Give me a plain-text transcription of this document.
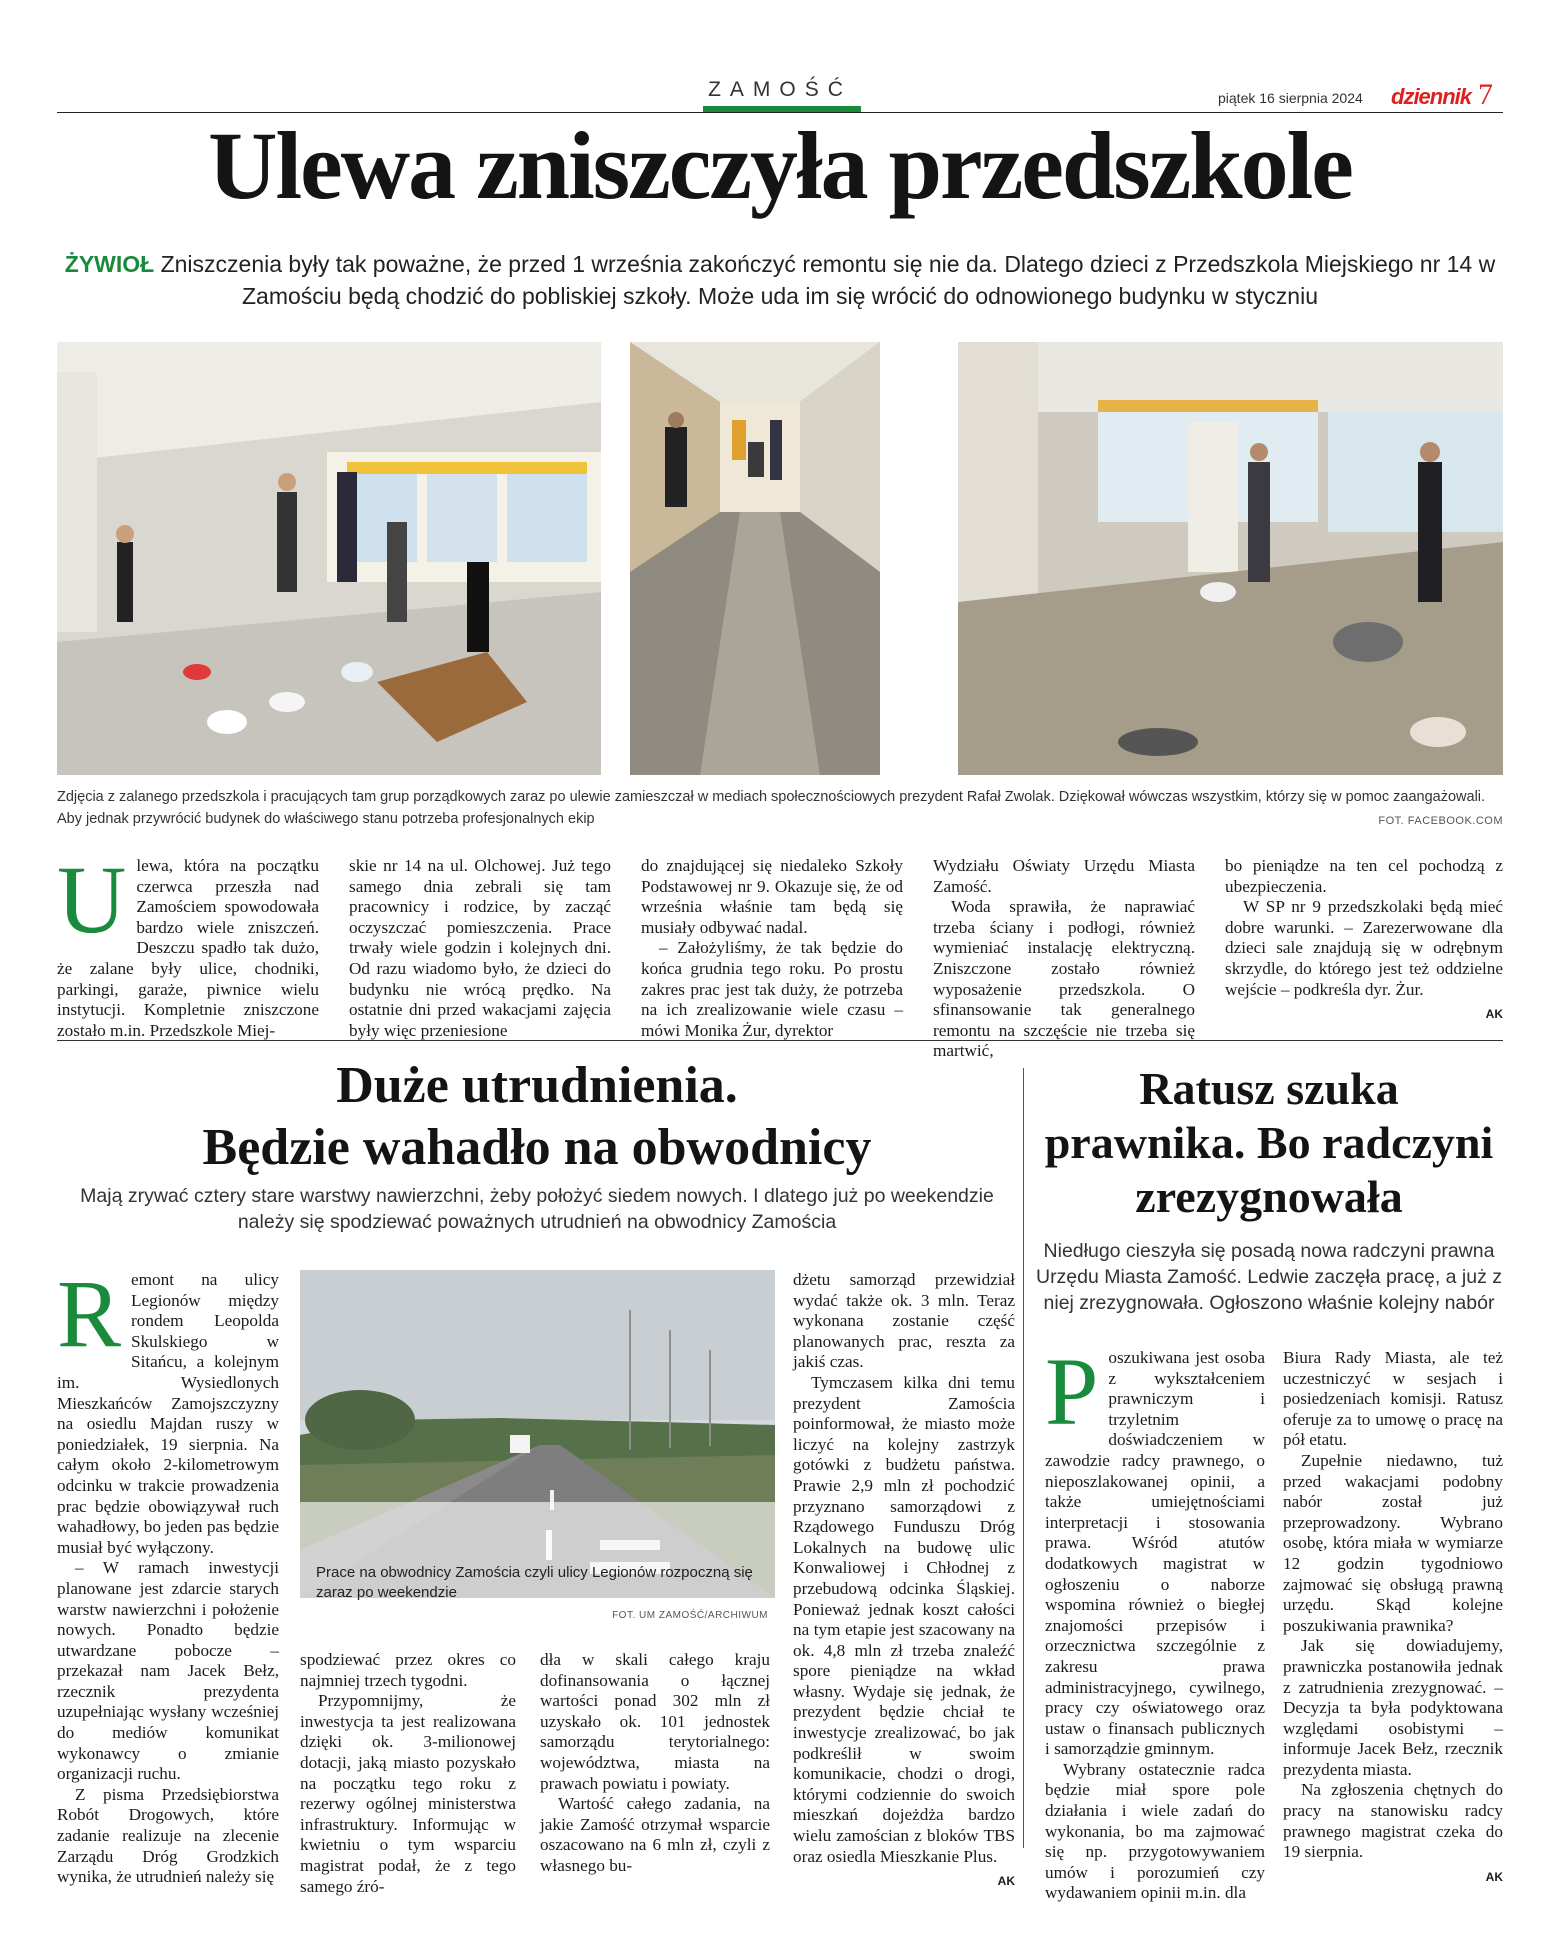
ZAMOŚĆ	piątek 16 sierpnia 2024 dziennik 7
Ulewa zniszczyła przedszkole
ŻYWIOŁ Zniszczenia były tak poważne, że przed 1 września zakończyć remontu się nie da. Dlatego dzieci z Przedszkola Miejskiego nr 14 w Zamościu będą chodzić do pobliskiej szkoły. Może uda im się wrócić do odnowionego budynku w styczniu
Zdjęcia z zalanego przedszkola i pracujących tam grup porządkowych zaraz po ulewie zamieszczał w mediach społecznościowych prezydent Rafał Zwolak. Dziękował wówczas wszystkim, którzy się w pomoc zaangażowali. Aby jednak przywrócić budynek do właściwego stanu potrzeba profesjonalnych ekip	FOT. FACEBOOK.COM

Ulewa, która na początku czerwca przeszła nad Zamościem spowodowała bardzo wiele zniszczeń. Deszczu spadło tak dużo, że zalane były ulice, chodniki, parkingi, garaże, piwnice wielu instytucji. Kompletnie zniszczone zostało m.in. Przedszkole Miej-

skie nr 14 na ul. Olchowej. Już tego samego dnia zebrali się tam pracownicy i rodzice, by zacząć oczyszczać pomieszczenia. Prace trwały wiele godzin i kolejnych dni. Od razu wiadomo było, że dzieci do budynku nie wrócą prędko. Na ostatnie dni przed wakacjami zajęcia były więc przeniesione

do znajdującej się niedaleko Szkoły Podstawowej nr 9. Okazuje się, że od września właśnie tam będą się musiały odbywać nadal.

– Założyliśmy, że tak będzie do końca grudnia tego roku. Po prostu zakres prac jest tak duży, że potrzeba na ich zrealizowanie wiele czasu – mówi Monika Żur, dyrektor

Wydziału Oświaty Urzędu Miasta Zamość.

Woda sprawiła, że naprawiać trzeba ściany i podłogi, również wymieniać instalację elektryczną. Zniszczone zostało również wyposażenie przedszkola. O sfinansowanie tak generalnego remontu na szczęście nie trzeba się martwić,

bo pieniądze na ten cel pochodzą z ubezpieczenia.

W SP nr 9 przedszkolaki będą mieć dobre warunki. – Zarezerwowane dla dzieci sale znajdują się w odrębnym skrzydle, do którego jest też oddzielne wejście – podkreśla dyr. Żur.

AK

Duże utrudnienia.
Będzie wahadło na obwodnicy
Mają zrywać cztery stare warstwy nawierzchni, żeby położyć siedem nowych. I dlatego już po weekendzie należy się spodziewać poważnych utrudnień na obwodnicy Zamościa

Remont na ulicy Legionów między rondem Leopolda Skulskiego w Sitańcu, a kolejnym im. Wysiedlonych Mieszkańców Zamojszczyzny na osiedlu Majdan ruszy w poniedziałek, 19 sierpnia. Na całym około 2-kilometrowym odcinku w trakcie prowadzenia prac będzie obowiązywał ruch wahadłowy, bo jeden pas będzie musiał być wyłączony.

– W ramach inwestycji planowane jest zdarcie starych warstw nawierzchni i położenie nowych. Ponadto będzie utwardzane pobocze – przekazał nam Jacek Bełz, rzecznik prezydenta uzupełniając wysłany wcześniej do mediów komunikat wykonawcy o zmianie organizacji ruchu.

Z pisma Przedsiębiorstwa Robót Drogowych, które zadanie realizuje na zlecenie Zarządu Dróg Grodzkich wynika, że utrudnień należy się

Prace na obwodnicy Zamościa czyli ulicy Legionów rozpoczną się zaraz po weekendzie
FOT. UM ZAMOŚĆ/ARCHIWUM

spodziewać przez okres co najmniej trzech tygodni.

Przypomnijmy, że inwestycja ta jest realizowana dzięki ok. 3-milionowej dotacji, jaką miasto pozyskało na początku tego roku z rezerwy ogólnej ministerstwa infrastruktury. Informując w kwietniu o tym wsparciu magistrat podał, że z tego samego źró-

dła w skali całego kraju dofinansowania o łącznej wartości ponad 302 mln zł uzyskało ok. 101 jednostek samorządu terytorialnego: województwa, miasta na prawach powiatu i powiaty.

Wartość całego zadania, na jakie Zamość otrzymał wsparcie oszacowano na 6 mln zł, czyli z własnego bu-

dżetu samorząd przewidział wydać także ok. 3 mln. Teraz wykonana zostanie część planowanych prac, reszta za jakiś czas.

Tymczasem kilka dni temu prezydent Zamościa poinformował, że miasto może liczyć na kolejny zastrzyk gotówki z budżetu państwa. Prawie 2,9 mln zł pochodzić przyznano samorządowi z Rządowego Funduszu Dróg Lokalnych na budowę ulic Konwaliowej i Chłodnej z przebudową odcinka Śląskiej. Ponieważ jednak koszt całości na tym etapie jest szacowany na ok. 4,8 mln zł trzeba znaleźć spore pieniądze na wkład własny. Wydaje się jednak, że prezydent będzie chciał te inwestycje zrealizować, bo jak podkreślił w swoim komunikacie, chodzi o drogi, którymi codziennie do swoich mieszkań dojeżdża bardzo wielu zamościan z bloków TBS oraz osiedla Mieszkanie Plus.

AK

Ratusz szuka
prawnika. Bo radczyni
zrezygnowała
Niedługo cieszyła się posadą nowa radczyni prawna Urzędu Miasta Zamość. Ledwie zaczęła pracę, a już z niej zrezygnowała. Ogłoszono właśnie kolejny nabór

Poszukiwana jest osoba z wykształceniem prawniczym i trzyletnim doświadczeniem w zawodzie radcy prawnego, o nieposzlakowanej opinii, a także umiejętnościami interpretacji i stosowania prawa. Wśród atutów dodatkowych magistrat w ogłoszeniu o naborze wspomina również o biegłej znajomości przepisów i orzecznictwa szczególnie z zakresu prawa administracyjnego, cywilnego, pracy czy oświatowego oraz ustaw o finansach publicznych i samorządzie gminnym.

Wybrany ostatecznie radca będzie miał spore pole działania i wiele zadań do wykonania, bo ma zajmować się np. przygotowywaniem umów i porozumień czy wydawaniem opinii m.in. dla

Biura Rady Miasta, ale też uczestniczyć w sesjach i posiedzeniach komisji. Ratusz oferuje za to umowę o pracę na pół etatu.

Zupełnie niedawno, tuż przed wakacjami podobny nabór został już przeprowadzony. Wybrano osobę, która miała w wymiarze 12 godzin tygodniowo zajmować się obsługą prawną urzędu. Skąd kolejne poszukiwania prawnika?

Jak się dowiadujemy, prawniczka postanowiła jednak z zatrudnienia zrezygnować. – Decyzja ta była podyktowana względami osobistymi – informuje Jacek Bełz, rzecznik prezydenta miasta.

Na zgłoszenia chętnych do pracy na stanowisku radcy prawnego magistrat czeka do 19 sierpnia.

AK
